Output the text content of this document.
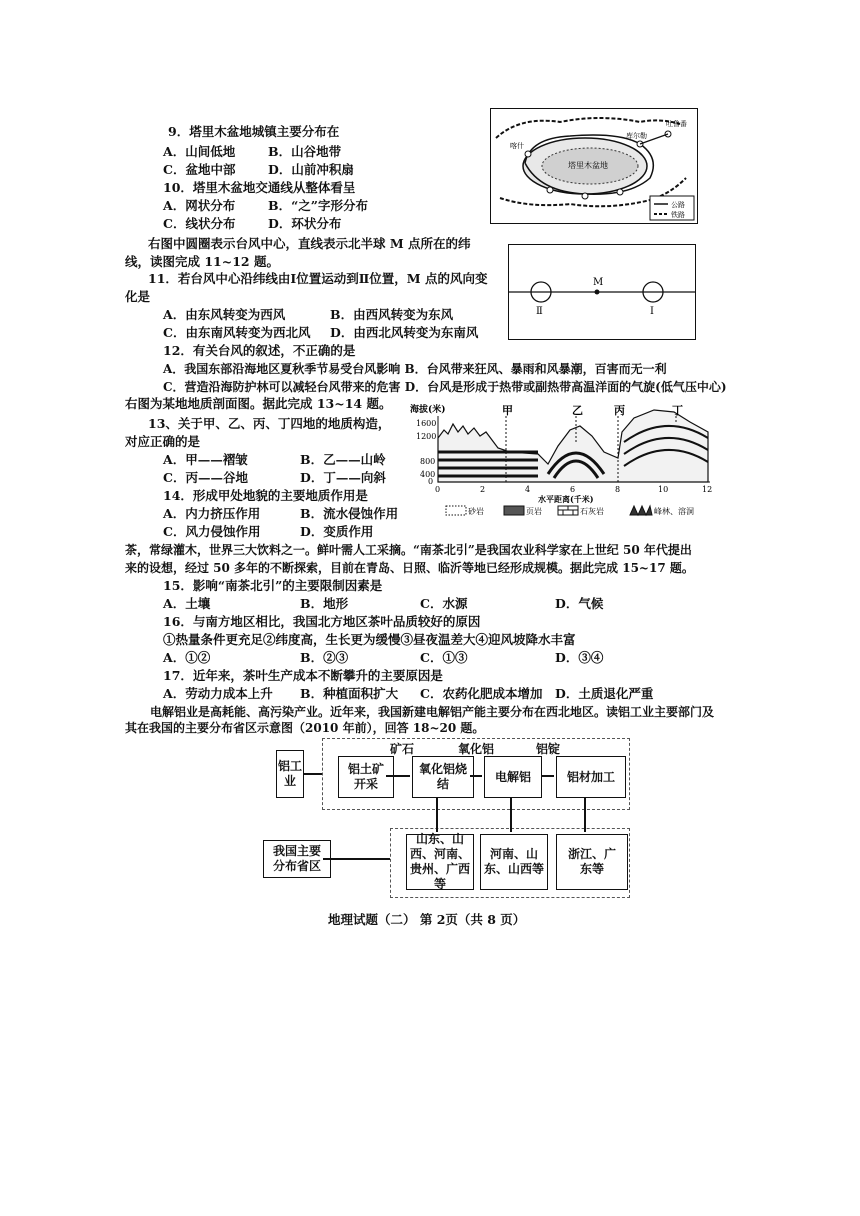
9．塔里木盆地城镇主要分布在
A．山间低地	B．山谷地带
C．盆地中部	D．山前冲积扇
10．塔里木盆地交通线从整体看呈
A．网状分布	B．“之”字形分布
C．线状分布	D．环状分布
塔里木盆地
喀什
库尔勒
吐鲁番
公路
铁路
右图中圆圈表示台风中心，直线表示北半球 M 点所在的纬
线，读图完成 11~12 题。
M
Ⅱ	Ⅰ
11．若台风中心沿纬线由Ⅰ位置运动到Ⅱ位置，M 点的风向变
化是
A．由东风转变为西风	B．由西风转变为东风
C．由东南风转变为西北风 D．由西北风转变为东南风
12．有关台风的叙述，不正确的是
A．我国东部沿海地区夏秋季节易受台风影响 B．台风带来狂风、暴雨和风暴潮，百害而无一利
C．营造沿海防护林可以减轻台风带来的危害 D．台风是形成于热带或副热带高温洋面的气旋(低气压中心)
右图为某地地质剖面图。据此完成 13~14 题。
13、关于甲、乙、丙、丁四地的地质构造，
对应正确的是
A．甲——褶皱	B．乙——山岭
C．丙——谷地	D．丁——向斜
海拔(米)
1600
1200
800
400
0
甲	乙	丙	丁
0	2	4	6	8	10	12
水平距离(千米)
砂岩	页岩	石灰岩	峰林、溶洞
14．形成甲处地貌的主要地质作用是
A．内力挤压作用	B．流水侵蚀作用
C．风力侵蚀作用	D．变质作用
茶，常绿灌木，世界三大饮料之一。鲜叶需人工采摘。“南茶北引”是我国农业科学家在上世纪 50 年代提出
来的设想，经过 50 多年的不断探索，目前在青岛、日照、临沂等地已经形成规模。据此完成 15~17 题。
15．影响“南茶北引”的主要限制因素是
A．土壤	B．地形	C．水源	D．气候
16．与南方地区相比，我国北方地区茶叶品质较好的原因
①热量条件更充足②纬度高，生长更为缓慢③昼夜温差大④迎风坡降水丰富
A．①②	B．②③	C．①③	D．③④
17．近年来，茶叶生产成本不断攀升的主要原因是
A．劳动力成本上升 B．种植面积扩大 C．农药化肥成本增加 D．土质退化严重
电解铝业是高耗能、高污染产业。近年来，我国新建电解铝产能主要分布在西北地区。读铝工业主要部门及
其在我国的主要分布省区示意图（2010 年前），回答 18~20 题。
铝工业
铝土矿开采
氧化铝烧结
电解铝	铝材加工
矿石	氧化铝	铝锭
我国主要分布省区
山东、山西、河南、贵州、广西等
河南、山东、山西等
浙江、广东等
地理试题（二） 第 2页（共 8 页）
